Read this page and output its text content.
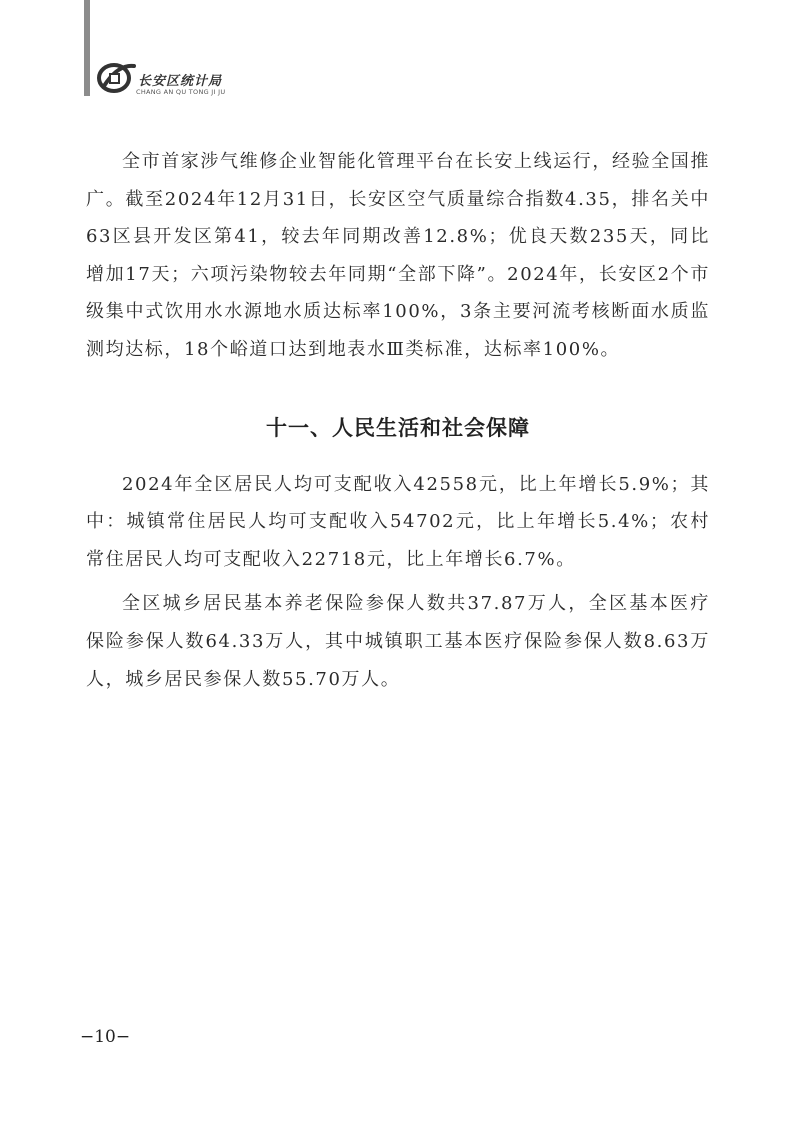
长安区统计局
CHANG AN QU TONG JI JU

全市首家涉气维修企业智能化管理平台在长安上线运行，经验全国推广。截至2024年12月31日，长安区空气质量综合指数4.35，排名关中63区县开发区第41，较去年同期改善12.8%；优良天数235天，同比增加17天；六项污染物较去年同期“全部下降”。2024年，长安区2个市级集中式饮用水水源地水质达标率100%，3条主要河流考核断面水质监测均达标，18个峪道口达到地表水Ⅲ类标准，达标率100%。

十一、人民生活和社会保障

2024年全区居民人均可支配收入42558元，比上年增长5.9%；其中：城镇常住居民人均可支配收入54702元，比上年增长5.4%；农村常住居民人均可支配收入22718元，比上年增长6.7%。

全区城乡居民基本养老保险参保人数共37.87万人，全区基本医疗保险参保人数64.33万人，其中城镇职工基本医疗保险参保人数8.63万人，城乡居民参保人数55.70万人。

−10−
